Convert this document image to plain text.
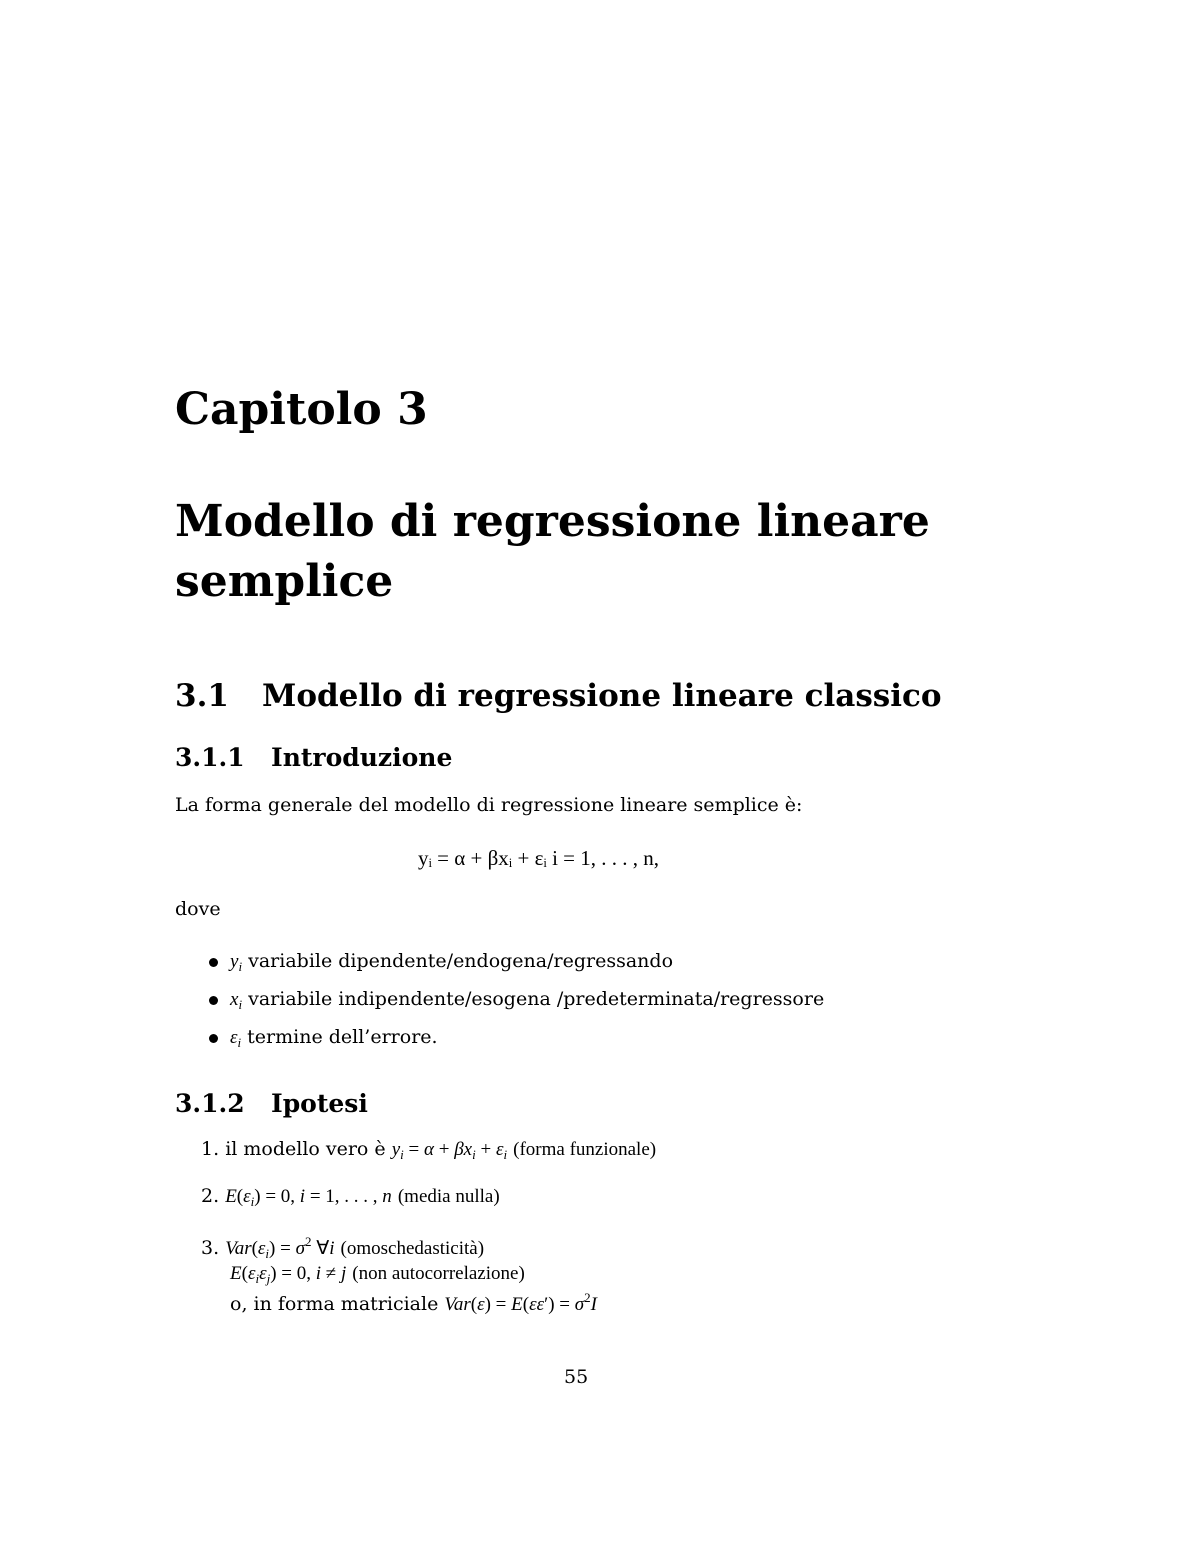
Capitolo 3
Modello di regressione lineare semplice
3.1 Modello di regressione lineare classico
3.1.1 Introduzione
La forma generale del modello di regressione lineare semplice è:
yᵢ = α + βxᵢ + εᵢ i = 1, . . . , n,
dove
$y_i$ variabile dipendente/endogena/regressando
$x_i$ variabile indipendente/esogena /predeterminata/regressore
$\varepsilon_i$ termine dell’errore.
3.1.2 Ipotesi
1. il modello vero è $y_i = \alpha + \beta x_i + \varepsilon_i$ (forma funzionale)
2. $E(\varepsilon_i) = 0$, i = 1, . . . , n (media nulla)
3. $Var(\varepsilon_i) = \sigma^2$ ∀i (omoschedasticità)
$E(\varepsilon_i\varepsilon_j) = 0$, i ≠ j (non autocorrelazione)
o, in forma matriciale $Var(\varepsilon) = E(\varepsilon\varepsilon') = \sigma^2I$
55
